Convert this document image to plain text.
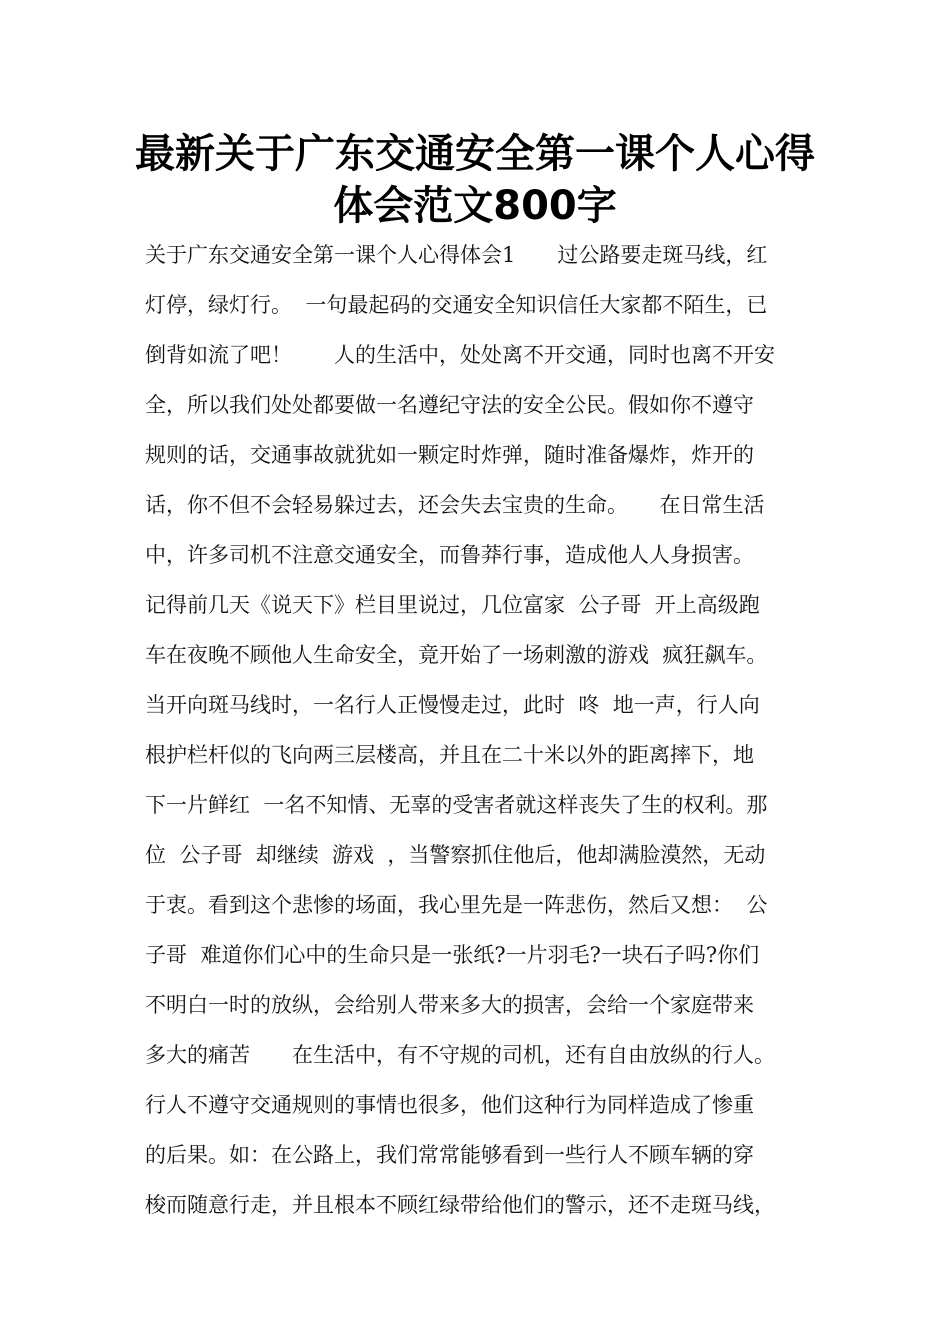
最新关于广东交通安全第一课个人心得
体会范文800字
关于广东交通安全第一课个人心得体会1　　过公路要走斑马线，红
灯停，绿灯行。  一句最起码的交通安全知识信任大家都不陌生，已
倒背如流了吧！　　人的生活中，处处离不开交通，同时也离不开安
全，所以我们处处都要做一名遵纪守法的安全公民。假如你不遵守
规则的话，交通事故就犹如一颗定时炸弹，随时准备爆炸，炸开的
话，你不但不会轻易躲过去，还会失去宝贵的生命。　　在日常生活
中，许多司机不注意交通安全，而鲁莽行事，造成他人人身损害。
记得前几天《说天下》栏目里说过，几位富家  公子哥  开上高级跑
车在夜晚不顾他人生命安全，竟开始了一场刺激的游戏  疯狂飙车。
当开向斑马线时，一名行人正慢慢走过，此时  咚  地一声，行人向
根护栏杆似的飞向两三层楼高，并且在二十米以外的距离摔下，地
下一片鲜红  一名不知情、无辜的受害者就这样丧失了生的权利。那
位  公子哥  却继续  游戏  ，当警察抓住他后，他却满脸漠然，无动
于衷。看到这个悲惨的场面，我心里先是一阵悲伤，然后又想：  公
子哥  难道你们心中的生命只是一张纸?一片羽毛?一块石子吗?你们
不明白一时的放纵，会给别人带来多大的损害，会给一个家庭带来
多大的痛苦　　在生活中，有不守规的司机，还有自由放纵的行人。
行人不遵守交通规则的事情也很多，他们这种行为同样造成了惨重
的后果。如：在公路上，我们常常能够看到一些行人不顾车辆的穿
梭而随意行走，并且根本不顾红绿带给他们的警示，还不走斑马线，
